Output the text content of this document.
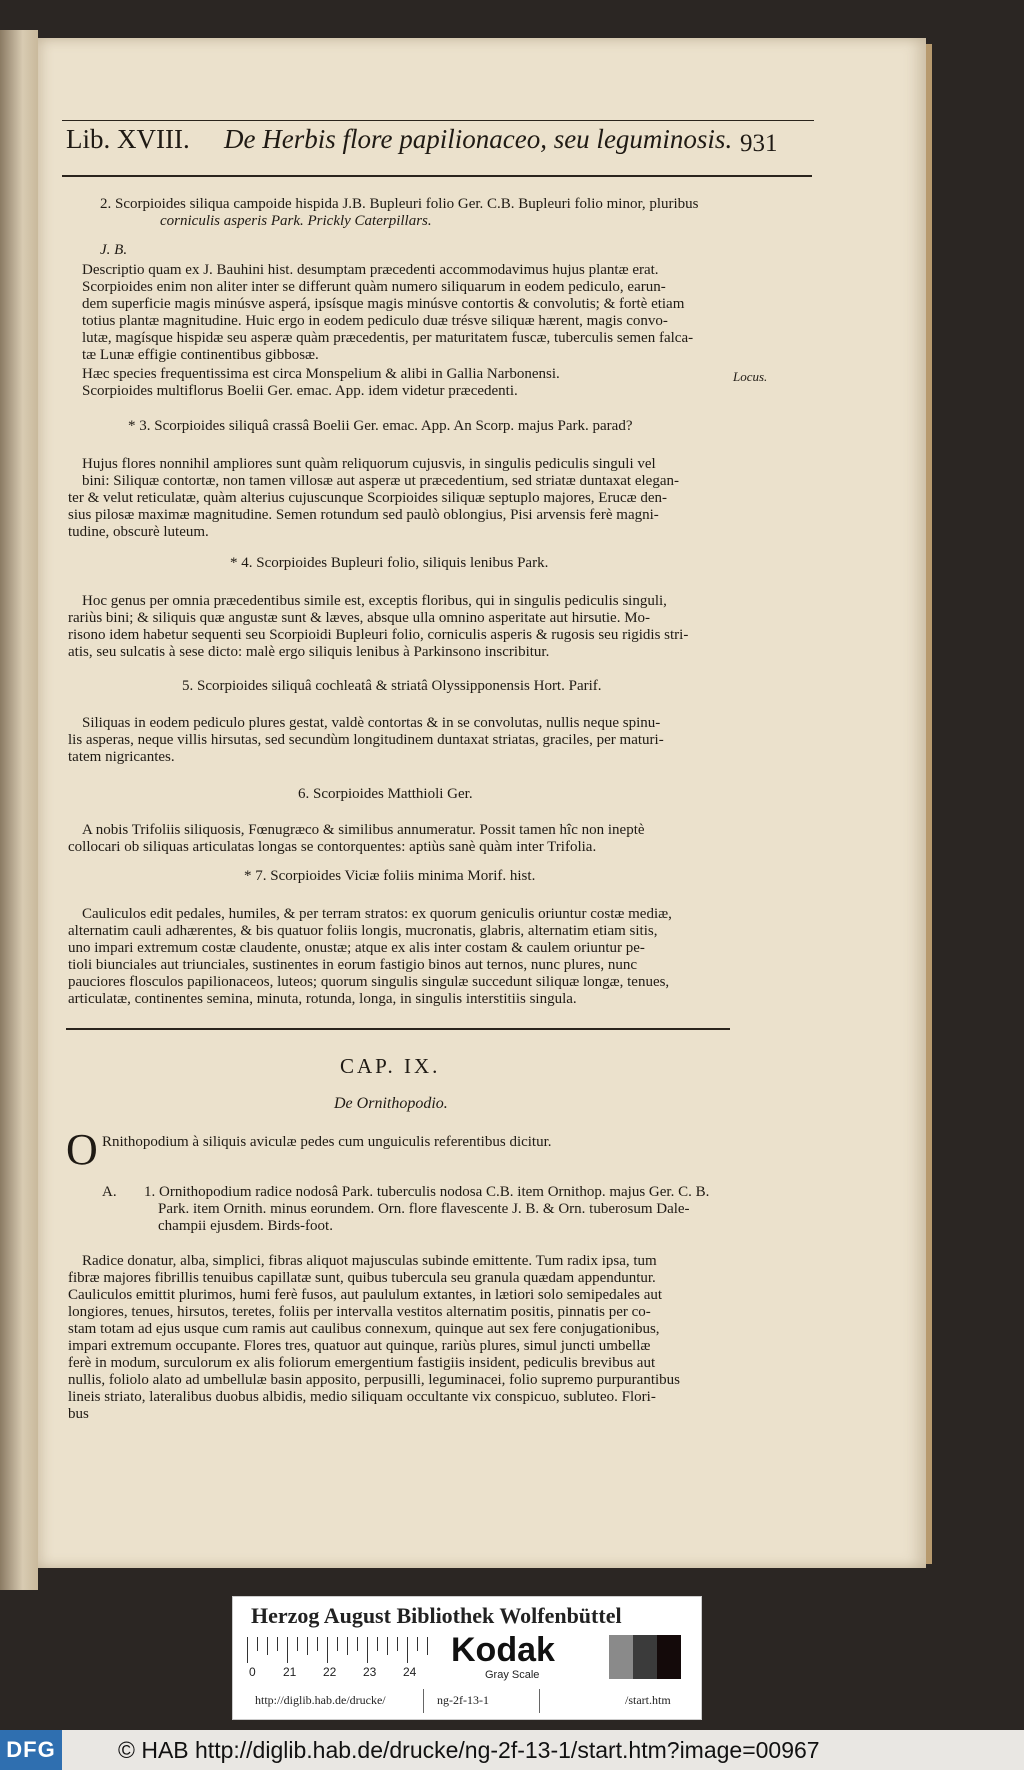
Lib. XVIII. De Herbis flore papilionaceo, seu leguminosis. 931
2. Scorpioides siliqua campoide hispida J.B. Bupleuri folio Ger. C.B. Bupleuri folio minor, pluribus
corniculis asperis Park. Prickly Caterpillars.
J. B.
Descriptio quam ex J. Bauhini hist. desumptam præcedenti accommodavimus hujus plantæ erat.
Scorpioides enim non aliter inter se differunt quàm numero siliquarum in eodem pediculo, earun-
dem superficie magis minúsve asperá, ipsísque magis minúsve contortis & convolutis; & fortè etiam
totius plantæ magnitudine. Huic ergo in eodem pediculo duæ trésve siliquæ hærent, magis convo-
lutæ, magísque hispidæ seu asperæ quàm præcedentis, per maturitatem fuscæ, tuberculis semen falca-
tæ Lunæ effigie continentibus gibbosæ.
Hæc species frequentissima est circa Monspelium & alibi in Gallia Narbonensi.	Locus.
Scorpioides multiflorus Boelii Ger. emac. App. idem videtur præcedenti.
* 3. Scorpioides siliquâ crassâ Boelii Ger. emac. App. An Scorp. majus Park. parad?
Hujus flores nonnihil ampliores sunt quàm reliquorum cujusvis, in singulis pediculis singuli vel
bini: Siliquæ contortæ, non tamen villosæ aut asperæ ut præcedentium, sed striatæ duntaxat elegan-
ter & velut reticulatæ, quàm alterius cujuscunque Scorpioides siliquæ septuplo majores, Erucæ den-
sius pilosæ maximæ magnitudine. Semen rotundum sed paulò oblongius, Pisi arvensis ferè magni-
tudine, obscurè luteum.
* 4. Scorpioides Bupleuri folio, siliquis lenibus Park.
Hoc genus per omnia præcedentibus simile est, exceptis floribus, qui in singulis pediculis singuli,
rariùs bini; & siliquis quæ angustæ sunt & læves, absque ulla omnino asperitate aut hirsutie. Mo-
risono idem habetur sequenti seu Scorpioidi Bupleuri folio, corniculis asperis & rugosis seu rigidis stri-
atis, seu sulcatis à sese dicto: malè ergo siliquis lenibus à Parkinsono inscribitur.
5. Scorpioides siliquâ cochleatâ & striatâ Olyssipponensis Hort. Parif.
Siliquas in eodem pediculo plures gestat, valdè contortas & in se convolutas, nullis neque spinu-
lis asperas, neque villis hirsutas, sed secundùm longitudinem duntaxat striatas, graciles, per maturi-
tatem nigricantes.
6. Scorpioides Matthioli Ger.
A nobis Trifoliis siliquosis, Fœnugræco & similibus annumeratur. Possit tamen hîc non ineptè
collocari ob siliquas articulatas longas se contorquentes: aptiùs sanè quàm inter Trifolia.
* 7. Scorpioides Viciæ foliis minima Morif. hist.
Cauliculos edit pedales, humiles, & per terram stratos: ex quorum geniculis oriuntur costæ mediæ,
alternatim cauli adhærentes, & bis quatuor foliis longis, mucronatis, glabris, alternatim etiam sitis,
uno impari extremum costæ claudente, onustæ; atque ex alis inter costam & caulem oriuntur pe-
tioli biunciales aut triunciales, sustinentes in eorum fastigio binos aut ternos, nunc plures, nunc
pauciores flosculos papilionaceos, luteos; quorum singulis singulæ succedunt siliquæ longæ, tenues,
articulatæ, continentes semina, minuta, rotunda, longa, in singulis interstitiis singula.
CAP. IX.
De Ornithopodio.
O Rnithopodium à siliquis aviculæ pedes cum unguiculis referentibus dicitur.
A. 1. Ornithopodium radice nodosâ Park. tuberculis nodosa C.B. item Ornithop. majus Ger. C. B.
Park. item Ornith. minus eorundem. Orn. flore flavescente J. B. & Orn. tuberosum Dale-
champii ejusdem. Birds-foot.
Radice donatur, alba, simplici, fibras aliquot majusculas subinde emittente. Tum radix ipsa, tum
fibræ majores fibrillis tenuibus capillatæ sunt, quibus tubercula seu granula quædam appenduntur.
Cauliculos emittit plurimos, humi ferè fusos, aut paululum extantes, in lætiori solo semipedales aut
longiores, tenues, hirsutos, teretes, foliis per intervalla vestitos alternatim positis, pinnatis per co-
stam totam ad ejus usque cum ramis aut caulibus connexum, quinque aut sex fere conjugationibus,
impari extremum occupante. Flores tres, quatuor aut quinque, rariùs plures, simul juncti umbellæ
ferè in modum, surculorum ex alis foliorum emergentium fastigiis insident, pediculis brevibus aut
nullis, foliolo alato ad umbellulæ basin apposito, perpusilli, leguminacei, folio supremo purpurantibus
lineis striato, lateralibus duobus albidis, medio siliquam occultante vix conspicuo, subluteo. Flori-
bus
Herzog August Bibliothek Wolfenbüttel
0 21 22 23 24
Kodak
Gray Scale
http://diglib.hab.de/drucke/	ng-2f-13-1	/start.htm
DFG	© HAB http://diglib.hab.de/drucke/ng-2f-13-1/start.htm?image=00967
